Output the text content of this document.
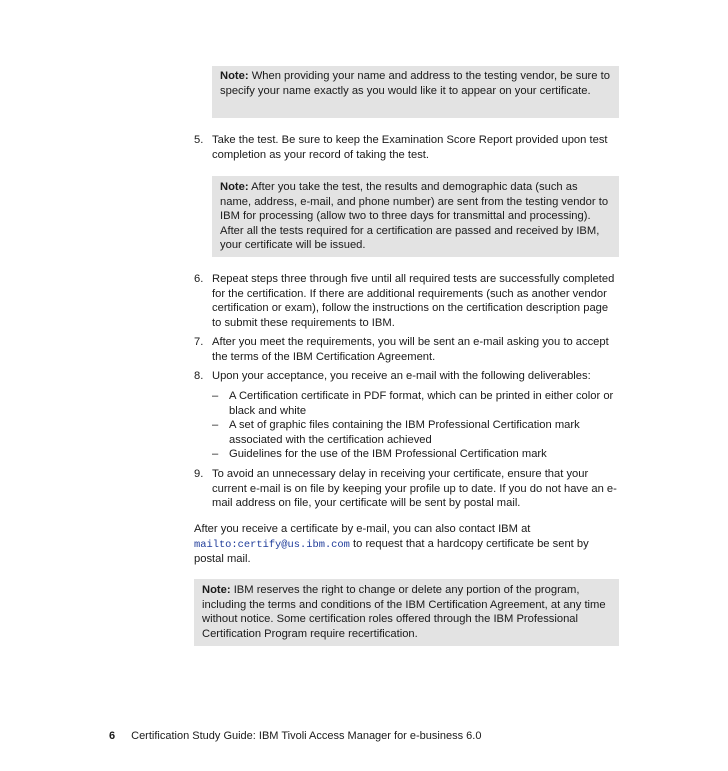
Note: When providing your name and address to the testing vendor, be sure to specify your name exactly as you would like it to appear on your certificate.
5. Take the test. Be sure to keep the Examination Score Report provided upon test completion as your record of taking the test.
Note: After you take the test, the results and demographic data (such as name, address, e-mail, and phone number) are sent from the testing vendor to IBM for processing (allow two to three days for transmittal and processing). After all the tests required for a certification are passed and received by IBM, your certificate will be issued.
6. Repeat steps three through five until all required tests are successfully completed for the certification. If there are additional requirements (such as another vendor certification or exam), follow the instructions on the certification description page to submit these requirements to IBM.
7. After you meet the requirements, you will be sent an e-mail asking you to accept the terms of the IBM Certification Agreement.
8. Upon your acceptance, you receive an e-mail with the following deliverables:
– A Certification certificate in PDF format, which can be printed in either color or black and white
– A set of graphic files containing the IBM Professional Certification mark associated with the certification achieved
– Guidelines for the use of the IBM Professional Certification mark
9. To avoid an unnecessary delay in receiving your certificate, ensure that your current e-mail is on file by keeping your profile up to date. If you do not have an e-mail address on file, your certificate will be sent by postal mail.
After you receive a certificate by e-mail, you can also contact IBM at
mailto:certify@us.ibm.com to request that a hardcopy certificate be sent by postal mail.
Note: IBM reserves the right to change or delete any portion of the program, including the terms and conditions of the IBM Certification Agreement, at any time without notice. Some certification roles offered through the IBM Professional Certification Program require recertification.
6 Certification Study Guide: IBM Tivoli Access Manager for e-business 6.0
